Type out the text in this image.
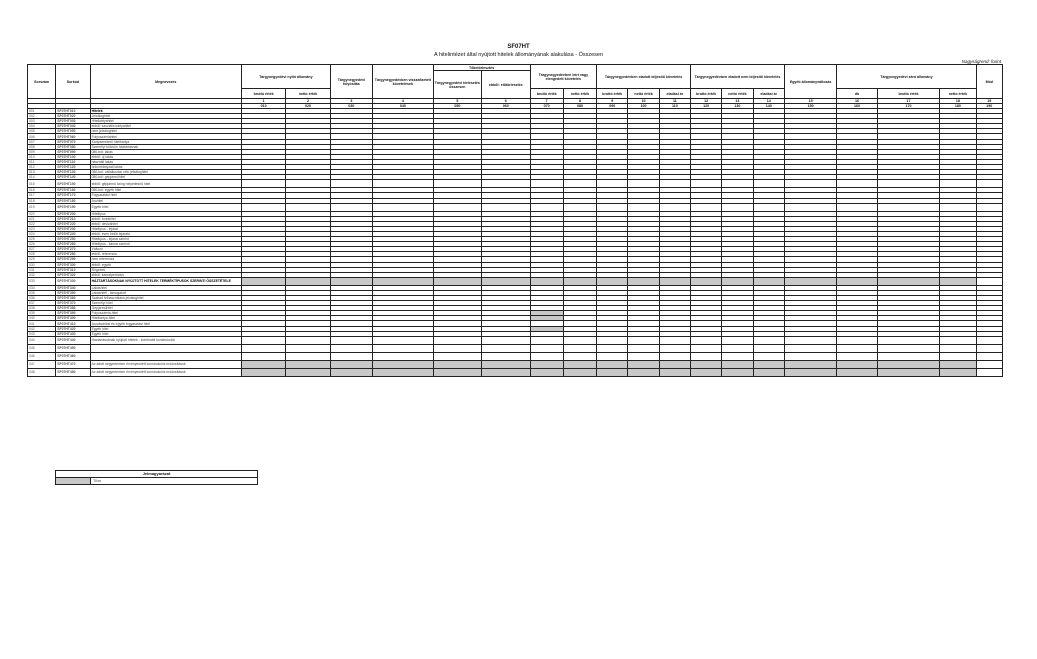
SF07HT
A hitelintézet által nyújtott hitelek állományának alakulása - Összesen
Nagyságrend: forint
Sorszám	Sorkód	Megnevezés	Tárgynegyedévi nyitó állomány		Tárgynegyedévi folyósítás	Tárgynegyedévben visszafizetett követelések	Tőketörlesztés		Tárgynegyedévben leírt vagy elengedett követelés		Tárgynegyedévben eladott teljesítő követelés			Tárgynegyedévben eladott nem teljesítő követelés			Egyéb állományváltozás	Tárgynegyedévi záró állomány			Mód
							Tárgynegyedévi törlesztés összesen	ebből: előtörlesztés													
			bruttó érték	nettó érték					bruttó érték	nettó érték	bruttó érték	nettó érték	eladási ár	bruttó érték	nettó érték	eladási ár		db	bruttó érték	nettó érték	
			1	2	3	4	5	6	7	8	9	10	11	12	13	14	15	16	17	18	19
			010	020	030	040	050	060	070	080	090	100	110	120	130	140	150	160	170	180	190
001	SF07HT010	Hitelek																			
002	SF07HT020	Jelzáloghitel																			
003	SF07HT030	Hitelkártyahitel																			
004	SF07HT040	ebből: szociális kártyahitel																			
005	SF07HT050	nem jelzáloghitel																			
006	SF07HT060	Folyószámlahitel																			
007	SF07HT070	Kártyaeredetű hitelkártya																			
008	SF07HT080	Személyi kölcsön háztartásnak																			
009	SF07HT090	080-ból: lakás																			
010	SF07HT100	ebből: új lakás																			
011	SF07HT110	használt lakás																			
012	SF07HT120	önkormányzati lakás																			
013	SF07HT130	080-ból: vállalkozási célú jelzáloghitel																			
014	SF07HT140	080-ból: gépjárműhitel																			
015	SF07HT150	ebből: gépjármű lízing helyettesítő hitel																			
016	SF07HT160	080-ból: egyéb hitel																			
017	SF07HT170	Fogyasztási hitel																			
018	SF07HT180	Áruhitel																			
019	SF07HT190	Egyéb hitel																			
020	SF07HT200	Hiteltípus																			
021	SF07HT210	ebből: forinthitel																			
022	SF07HT220	ebből: devizahitel																			
023	SF07HT230	Hiteltípus - lejárat																			
024	SF07HT240	ebből: éven belüli lejáratú																			
025	SF07HT250	Hiteltípus - lejárat szerint																			
026	SF07HT260	Hiteltípus - kamat szerinti																			
027	SF07HT270	Változó																			
028	SF07HT280	ebből: referencia																			
029	SF07HT290	nem referencia																			
030	SF07HT300	ebből: egyéb																			
031	SF07HT310	Rögzített																			
032	SF07HT320	ebből: kamatperiódus																			
033	SF07HT330	HÁZTARTÁSOKNAK NYÚJTOTT HITELEK TERMÉKTÍPUSOK SZERINTI ÖSSZETÉTELE																			
034	SF07HT340	Lakáshitel																			
035	SF07HT350	Lakáshitel - támogatott																			
036	SF07HT360	Szabad felhasználású jelzáloghitel																			
037	SF07HT370	Személyi hitel																			
038	SF07HT380	Gépjárműhitel																			
039	SF07HT390	Folyószámla-hitel																			
040	SF07HT400	Hitelkártya-hitel																			
041	SF07HT410	Áruvásárlási és egyéb fogyasztási hitel																			
042	SF07HT420	Egyéb hitel																			
043	SF07HT430	Egyéb hitel																			
044	SF07HT440	Háztartásoknak nyújtott hitelek - kombinált konstrukciók																			
045	SF07HT450																				
046	SF07HT460																				
047	SF07HT470	Az adott negyedévben érvényesített konstrukciós módosítások																			
048	SF07HT480	Az adott negyedévben érvényesített konstrukciós módosítások																			
Jelmagyarázat
Tilos
